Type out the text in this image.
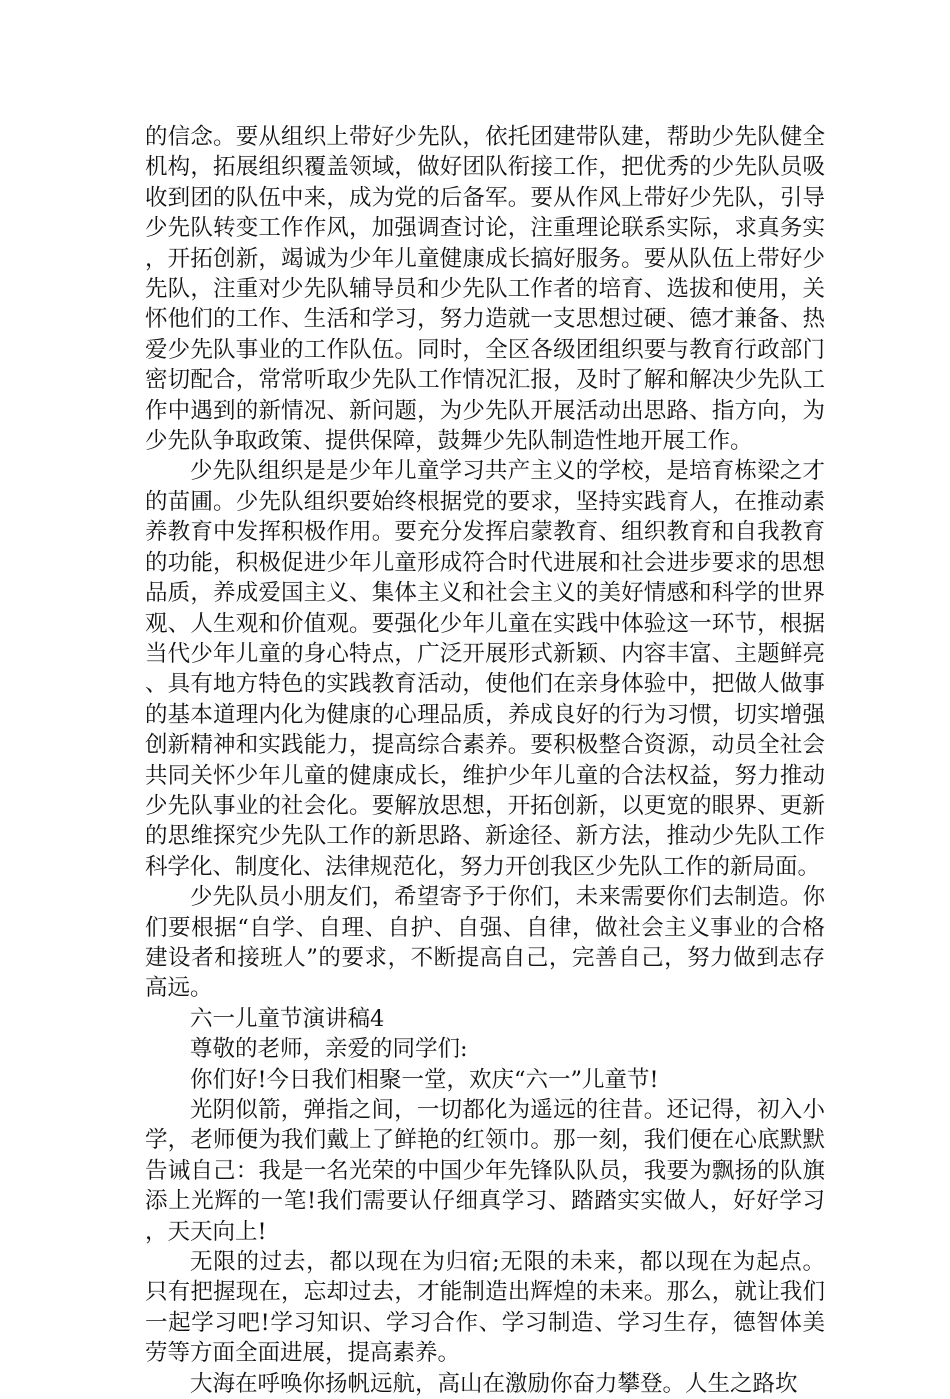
的信念。要从组织上带好少先队，依托团建带队建，帮助少先队健全机构，拓展组织覆盖领域，做好团队衔接工作，把优秀的少先队员吸收到团的队伍中来，成为党的后备军。要从作风上带好少先队，引导少先队转变工作作风，加强调查讨论，注重理论联系实际，求真务实，开拓创新，竭诚为少年儿童健康成长搞好服务。要从队伍上带好少先队，注重对少先队辅导员和少先队工作者的培育、选拔和使用，关怀他们的工作、生活和学习，努力造就一支思想过硬、德才兼备、热爱少先队事业的工作队伍。同时，全区各级团组织要与教育行政部门密切配合，常常听取少先队工作情况汇报，及时了解和解决少先队工作中遇到的新情况、新问题，为少先队开展活动出思路、指方向，为少先队争取政策、提供保障，鼓舞少先队制造性地开展工作。

少先队组织是是少年儿童学习共产主义的学校，是培育栋梁之才的苗圃。少先队组织要始终根据党的要求，坚持实践育人，在推动素养教育中发挥积极作用。要充分发挥启蒙教育、组织教育和自我教育的功能，积极促进少年儿童形成符合时代进展和社会进步要求的思想品质，养成爱国主义、集体主义和社会主义的美好情感和科学的世界观、人生观和价值观。要强化少年儿童在实践中体验这一环节，根据当代少年儿童的身心特点，广泛开展形式新颖、内容丰富、主题鲜亮、具有地方特色的实践教育活动，使他们在亲身体验中，把做人做事的基本道理内化为健康的心理品质，养成良好的行为习惯，切实增强创新精神和实践能力，提高综合素养。要积极整合资源，动员全社会共同关怀少年儿童的健康成长，维护少年儿童的合法权益，努力推动少先队事业的社会化。要解放思想，开拓创新，以更宽的眼界、更新的思维探究少先队工作的新思路、新途径、新方法，推动少先队工作科学化、制度化、法律规范化，努力开创我区少先队工作的新局面。

少先队员小朋友们，希望寄予于你们，未来需要你们去制造。你们要根据“自学、自理、自护、自强、自律，做社会主义事业的合格建设者和接班人”的要求，不断提高自己，完善自己，努力做到志存高远。

六一儿童节演讲稿4

尊敬的老师，亲爱的同学们:

你们好!今日我们相聚一堂，欢庆“六一”儿童节!

光阴似箭，弹指之间，一切都化为遥远的往昔。还记得，初入小学，老师便为我们戴上了鲜艳的红领巾。那一刻，我们便在心底默默告诫自己：我是一名光荣的中国少年先锋队队员，我要为飘扬的队旗添上光辉的一笔!我们需要认仔细真学习、踏踏实实做人，好好学习，天天向上!

无限的过去，都以现在为归宿;无限的未来，都以现在为起点。只有把握现在，忘却过去，才能制造出辉煌的未来。那么，就让我们一起学习吧!学习知识、学习合作、学习制造、学习生存，德智体美劳等方面全面进展，提高素养。

大海在呼唤你扬帆远航，高山在激励你奋力攀登。人生之路坎
